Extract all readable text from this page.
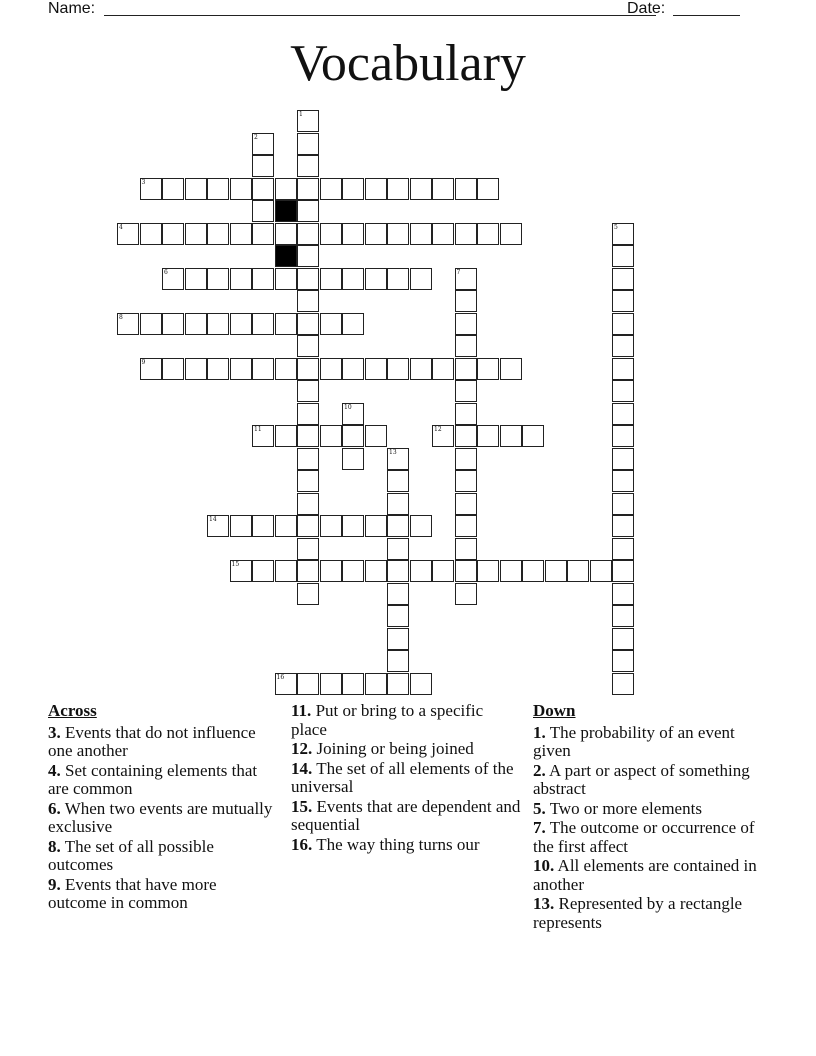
Name:	Date:
Vocabulary
1
2
3
4	5
6	7
8
9
10
11	12
13
14
15
16
Across
3. Events that do not influence one another
4. Set containing elements that are common
6. When two events are mutually exclusive
8. The set of all possible outcomes
9. Events that have more outcome in common
11. Put or bring to a specific place
12. Joining or being joined
14. The set of all elements of the universal
15. Events that are dependent and sequential
16. The way thing turns our
Down
1. The probability of an event given
2. A part or aspect of something abstract
5. Two or more elements
7. The outcome or occurrence of the first affect
10. All elements are contained in another
13. Represented by a rectangle represents
